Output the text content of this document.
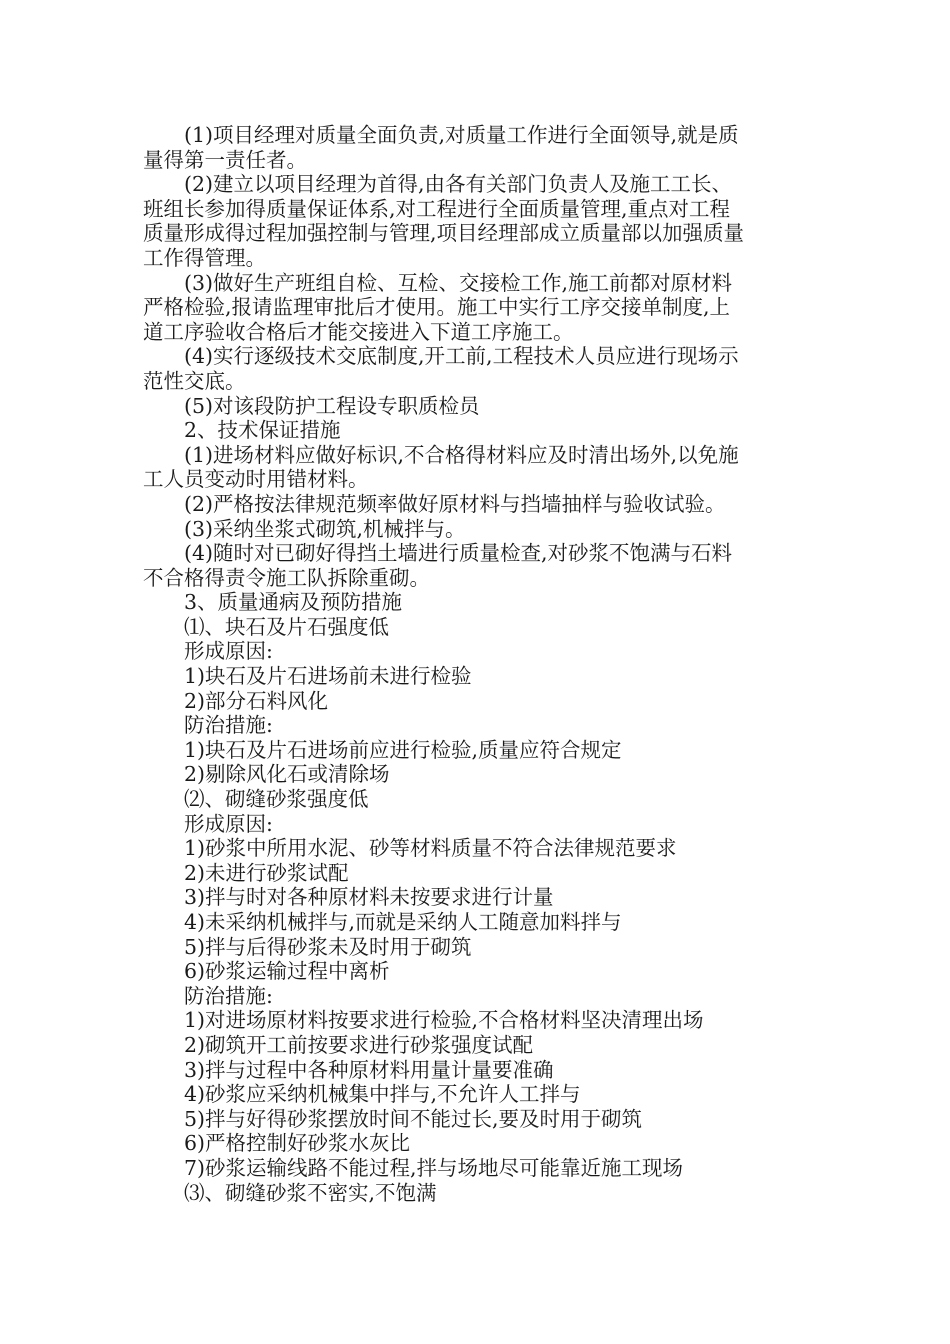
(1)项目经理对质量全面负责,对质量工作进行全面领导,就是质
量得第一责任者。
(2)建立以项目经理为首得,由各有关部门负责人及施工工长、
班组长参加得质量保证体系,对工程进行全面质量管理,重点对工程
质量形成得过程加强控制与管理,项目经理部成立质量部以加强质量
工作得管理。
(3)做好生产班组自检、互检、交接检工作,施工前都对原材料
严格检验,报请监理审批后才使用。施工中实行工序交接单制度,上
道工序验收合格后才能交接进入下道工序施工。
(4)实行逐级技术交底制度,开工前,工程技术人员应进行现场示
范性交底。
(5)对该段防护工程设专职质检员
2、技术保证措施
(1)进场材料应做好标识,不合格得材料应及时清出场外,以免施
工人员变动时用错材料。
(2)严格按法律规范频率做好原材料与挡墙抽样与验收试验。
(3)采纳坐浆式砌筑,机械拌与。
(4)随时对已砌好得挡土墙进行质量检查,对砂浆不饱满与石料
不合格得责令施工队拆除重砌。
3、质量通病及预防措施
⑴、块石及片石强度低
形成原因:
1)块石及片石进场前未进行检验
2)部分石料风化
防治措施:
1)块石及片石进场前应进行检验,质量应符合规定
2)剔除风化石或清除场
⑵、砌缝砂浆强度低
形成原因:
1)砂浆中所用水泥、砂等材料质量不符合法律规范要求
2)未进行砂浆试配
3)拌与时对各种原材料未按要求进行计量
4)未采纳机械拌与,而就是采纳人工随意加料拌与
5)拌与后得砂浆未及时用于砌筑
6)砂浆运输过程中离析
防治措施:
1)对进场原材料按要求进行检验,不合格材料坚决清理出场
2)砌筑开工前按要求进行砂浆强度试配
3)拌与过程中各种原材料用量计量要准确
4)砂浆应采纳机械集中拌与,不允许人工拌与
5)拌与好得砂浆摆放时间不能过长,要及时用于砌筑
6)严格控制好砂浆水灰比
7)砂浆运输线路不能过程,拌与场地尽可能靠近施工现场
⑶、砌缝砂浆不密实,不饱满
